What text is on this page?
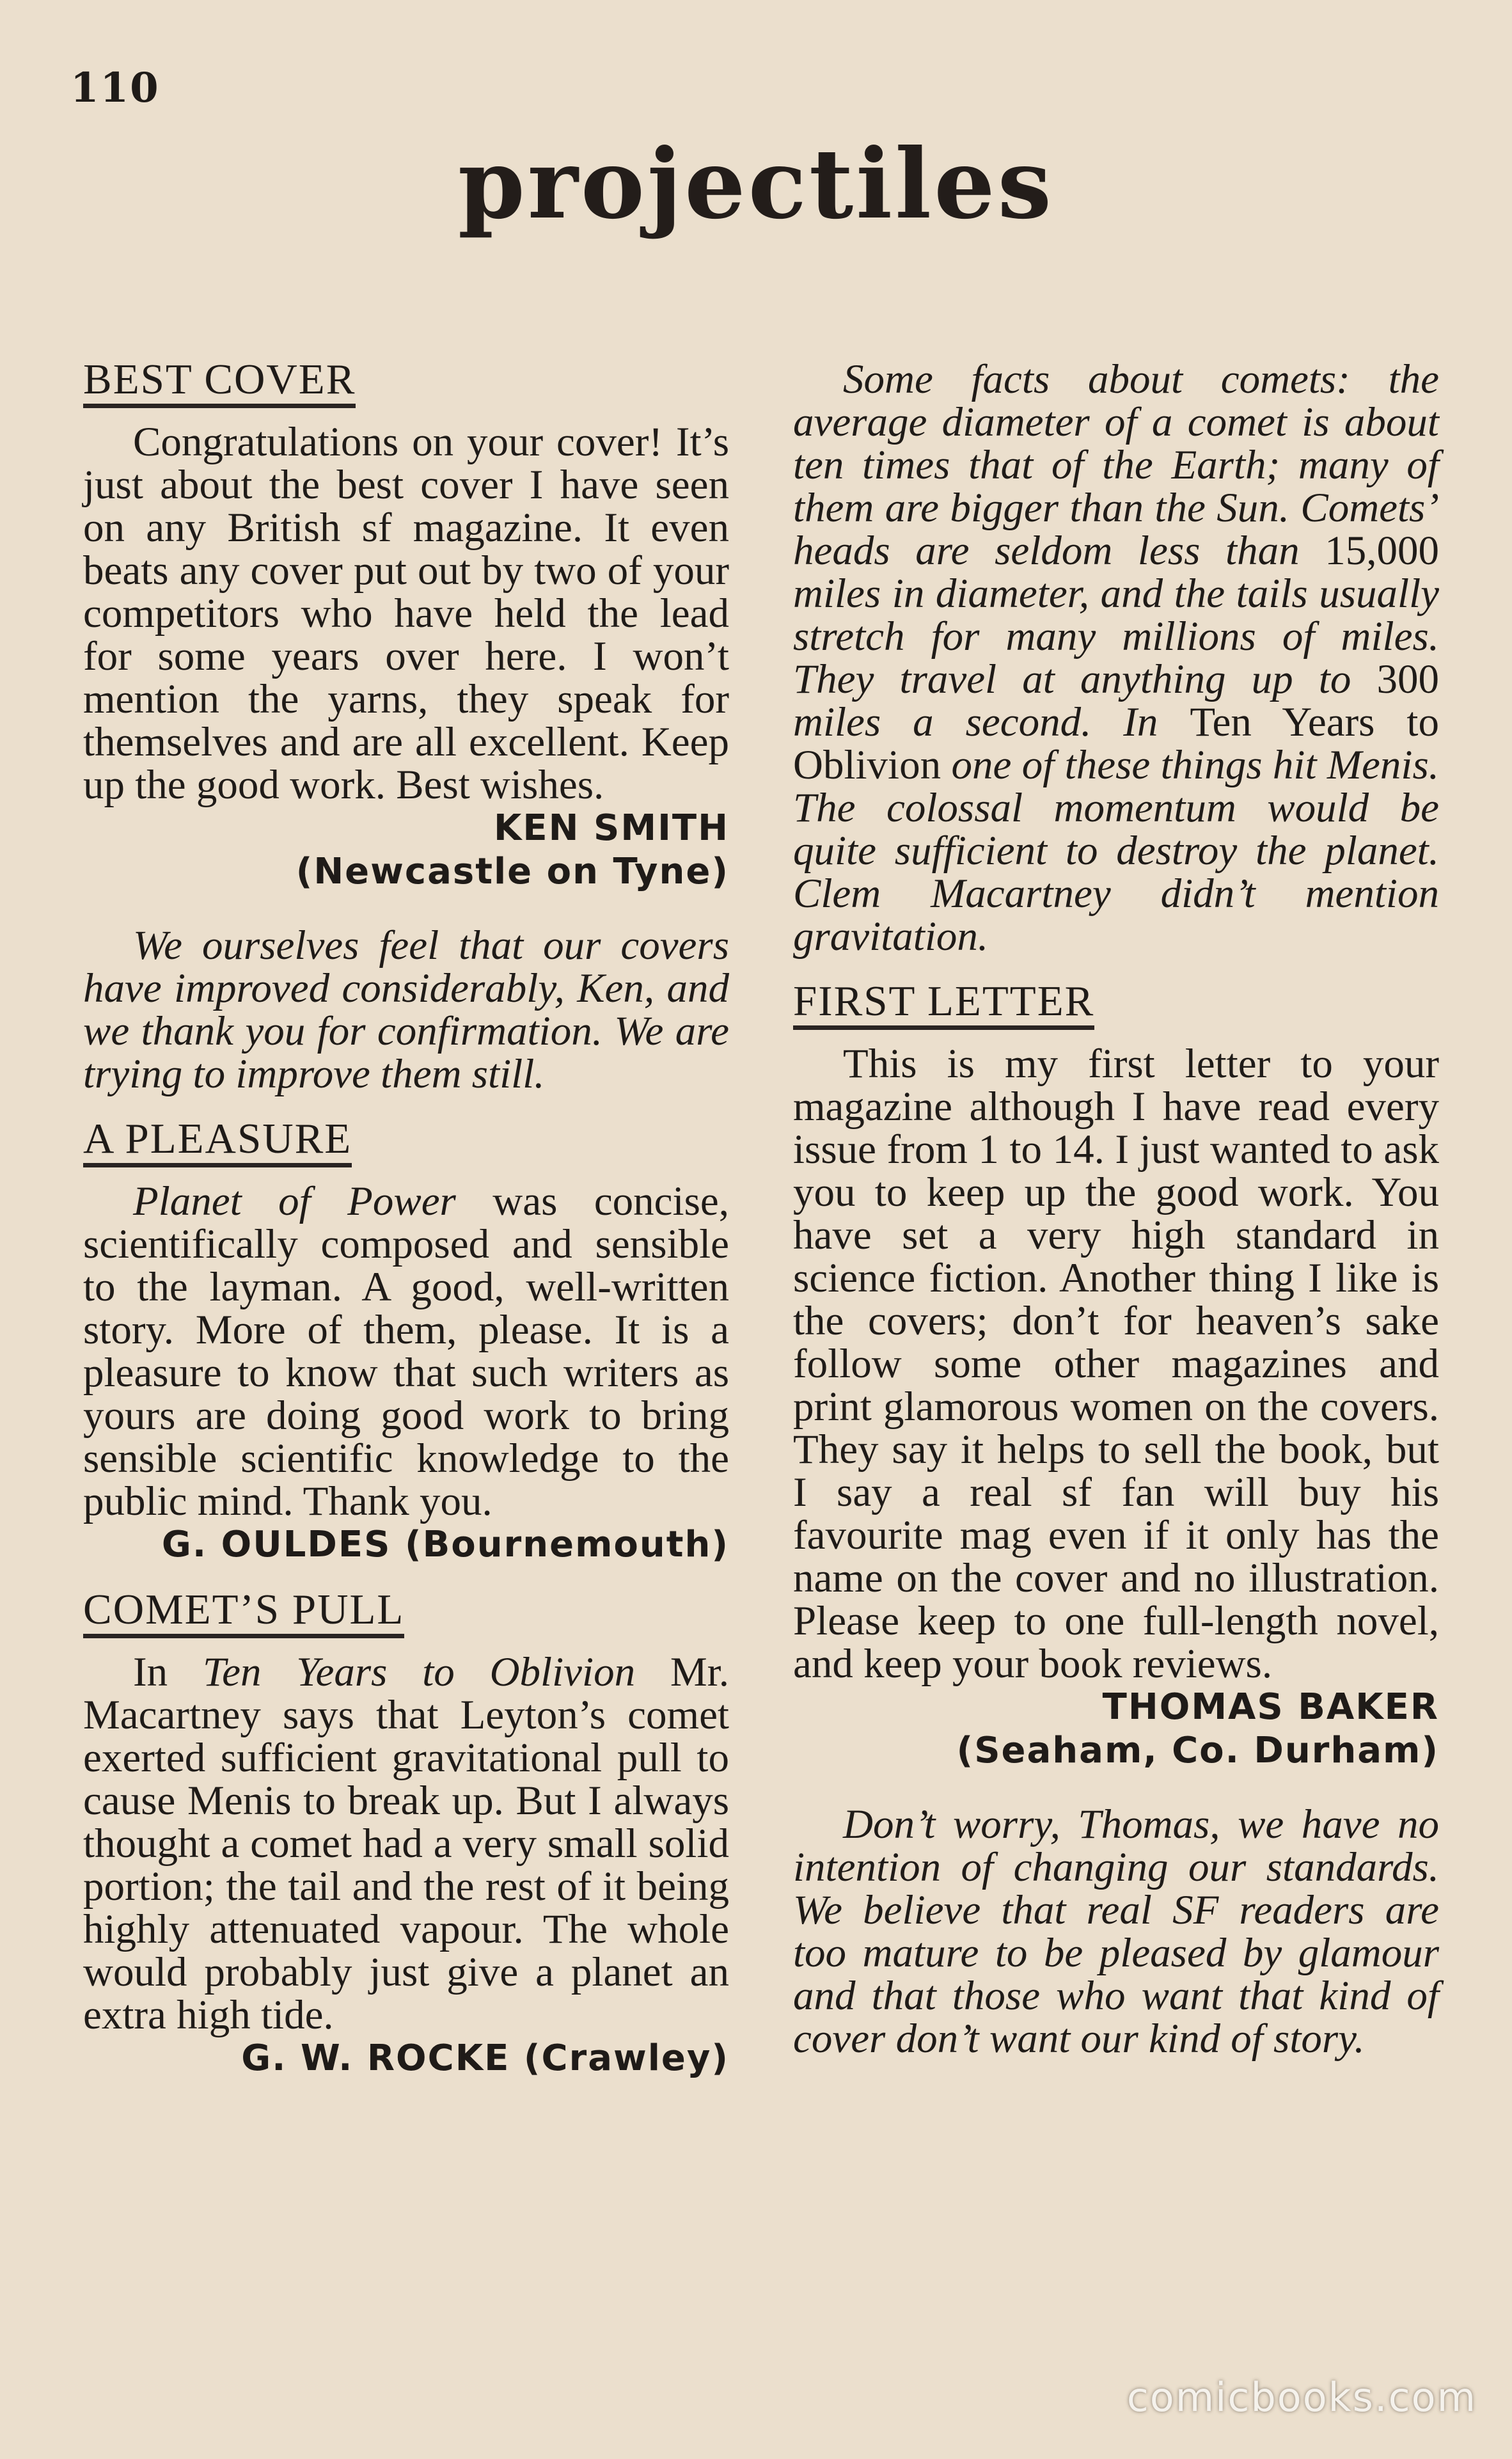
110
projectiles
BEST COVER

Congratulations on your cover! It’s just about the best cover I have seen on any British sf magazine. It even beats any cover put out by two of your competitors who have held the lead for some years over here. I won’t mention the yarns, they speak for themselves and are all excellent. Keep up the good work. Best wishes.

KEN SMITH
(Newcastle on Tyne)

We ourselves feel that our covers have improved considerably, Ken, and we thank you for confirmation. We are trying to improve them still.

A PLEASURE

Planet of Power was concise, scientifically composed and sensible to the layman. A good, well-written story. More of them, please. It is a pleasure to know that such writers as yours are doing good work to bring sensible scientific knowledge to the public mind. Thank you.

G. OULDES (Bournemouth)
COMET’S PULL

In Ten Years to Oblivion Mr. Macartney says that Leyton’s comet exerted sufficient gravitational pull to cause Menis to break up. But I always thought a comet had a very small solid portion; the tail and the rest of it being highly attenuated vapour. The whole would probably just give a planet an extra high tide.

G. W. ROCKE (Crawley)

Some facts about comets: the average diameter of a comet is about ten times that of the Earth; many of them are bigger than the Sun. Comets’ heads are seldom less than 15,000 miles in diameter, and the tails usually stretch for many millions of miles. They travel at anything up to 300 miles a second. In Ten Years to Oblivion one of these things hit Menis. The colossal momentum would be quite sufficient to destroy the planet. Clem Macartney didn’t mention gravitation.

FIRST LETTER

This is my first letter to your magazine although I have read every issue from 1 to 14. I just wanted to ask you to keep up the good work. You have set a very high standard in science fiction. Another thing I like is the covers; don’t for heaven’s sake follow some other magazines and print glamorous women on the covers. They say it helps to sell the book, but I say a real sf fan will buy his favourite mag even if it only has the name on the cover and no illustration. Please keep to one full-length novel, and keep your book reviews.

THOMAS BAKER
(Seaham, Co. Durham)

Don’t worry, Thomas, we have no intention of changing our standards. We believe that real SF readers are too mature to be pleased by glamour and that those who want that kind of cover don’t want our kind of story.

comicbooks.com
